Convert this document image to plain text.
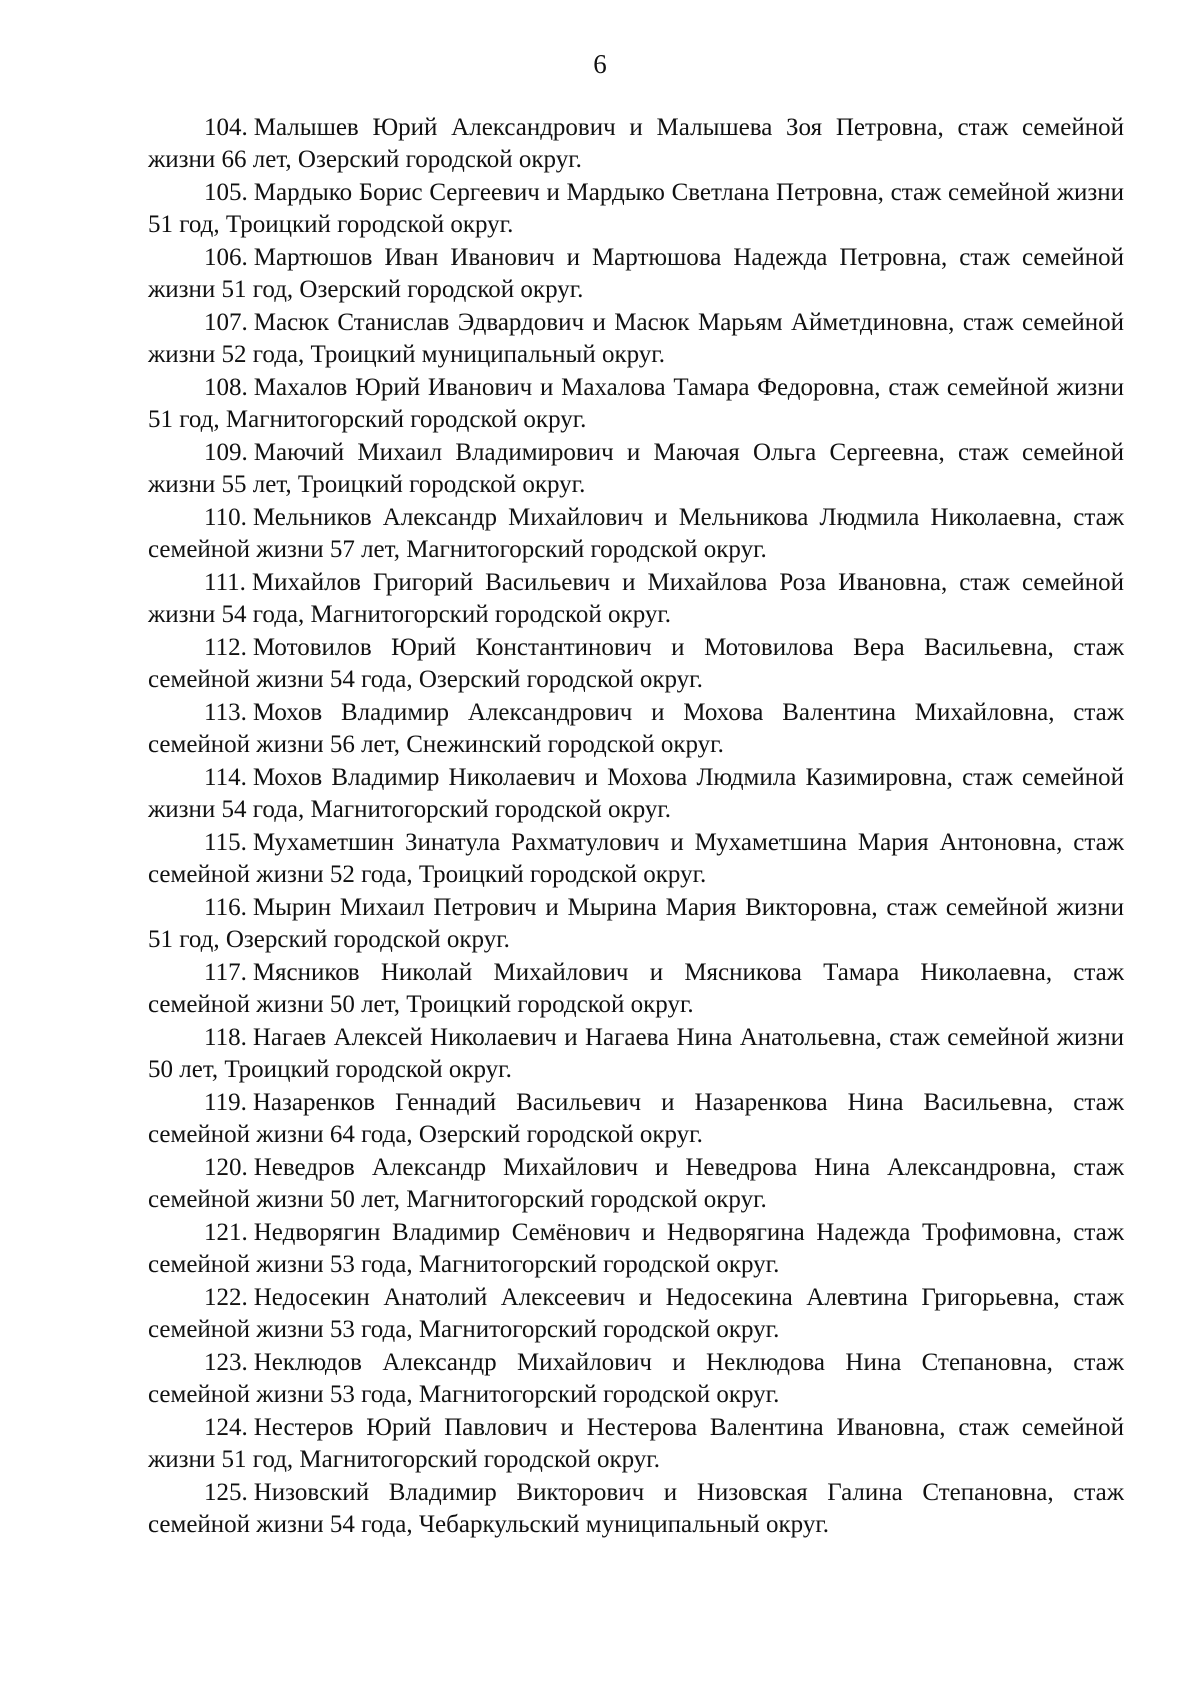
6

104. Малышев Юрий Александрович и Малышева Зоя Петровна, стаж семейной жизни 66 лет, Озерский городской округ.

105. Мардыко Борис Сергеевич и Мардыко Светлана Петровна, стаж семейной жизни 51 год, Троицкий городской округ.

106. Мартюшов Иван Иванович и Мартюшова Надежда Петровна, стаж семейной жизни 51 год, Озерский городской округ.

107. Масюк Станислав Эдвардович и Масюк Марьям Айметдиновна, стаж семейной жизни 52 года, Троицкий муниципальный округ.

108. Махалов Юрий Иванович и Махалова Тамара Федоровна, стаж семейной жизни 51 год, Магнитогорский городской округ.

109. Маючий Михаил Владимирович и Маючая Ольга Сергеевна, стаж семейной жизни 55 лет, Троицкий городской округ.

110. Мельников Александр Михайлович и Мельникова Людмила Николаевна, стаж семейной жизни 57 лет, Магнитогорский городской округ.

111. Михайлов Григорий Васильевич и Михайлова Роза Ивановна, стаж семейной жизни 54 года, Магнитогорский городской округ.

112. Мотовилов Юрий Константинович и Мотовилова Вера Васильевна, стаж семейной жизни 54 года, Озерский городской округ.

113. Мохов Владимир Александрович и Мохова Валентина Михайловна, стаж семейной жизни 56 лет, Снежинский городской округ.

114. Мохов Владимир Николаевич и Мохова Людмила Казимировна, стаж семейной жизни 54 года, Магнитогорский городской округ.

115. Мухаметшин Зинатула Рахматулович и Мухаметшина Мария Антоновна, стаж семейной жизни 52 года, Троицкий городской округ.

116. Мырин Михаил Петрович и Мырина Мария Викторовна, стаж семейной жизни 51 год, Озерский городской округ.

117. Мясников Николай Михайлович и Мясникова Тамара Николаевна, стаж семейной жизни 50 лет, Троицкий городской округ.

118. Нагаев Алексей Николаевич и Нагаева Нина Анатольевна, стаж семейной жизни 50 лет, Троицкий городской округ.

119. Назаренков Геннадий Васильевич и Назаренкова Нина Васильевна, стаж семейной жизни 64 года, Озерский городской округ.

120. Неведров Александр Михайлович и Неведрова Нина Александровна, стаж семейной жизни 50 лет, Магнитогорский городской округ.

121. Недворягин Владимир Семёнович и Недворягина Надежда Трофимовна, стаж семейной жизни 53 года, Магнитогорский городской округ.

122. Недосекин Анатолий Алексеевич и Недосекина Алевтина Григорьевна, стаж семейной жизни 53 года, Магнитогорский городской округ.

123. Неклюдов Александр Михайлович и Неклюдова Нина Степановна, стаж семейной жизни 53 года, Магнитогорский городской округ.

124. Нестеров Юрий Павлович и Нестерова Валентина Ивановна, стаж семейной жизни 51 год, Магнитогорский городской округ.

125. Низовский Владимир Викторович и Низовская Галина Степановна, стаж семейной жизни 54 года, Чебаркульский муниципальный округ.
